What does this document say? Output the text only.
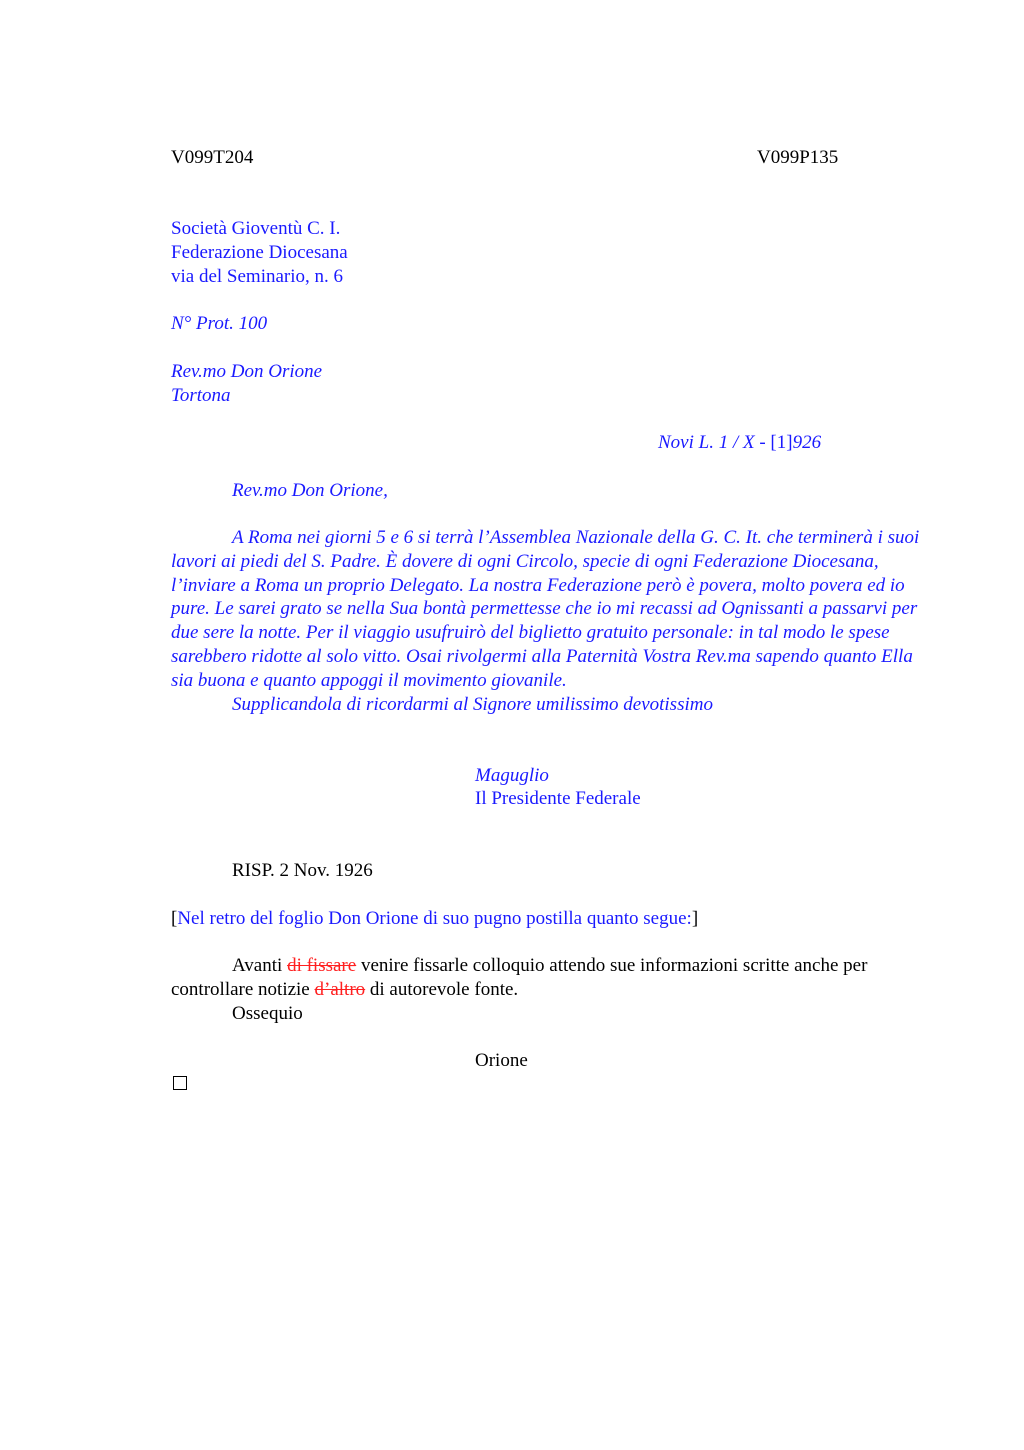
V099T204	V099P135
Società Gioventù C. I.
Federazione Diocesana
via del Seminario, n. 6
N° Prot. 100
Rev.mo Don Orione
Tortona
Novi L. 1 / X - [1]926
Rev.mo Don Orione,

A Roma nei giorni 5 e 6 si terrà l’Assemblea Nazionale della G. C. It. che terminerà i suoi lavori ai piedi del S. Padre. È dovere di ogni Circolo, specie di ogni Federazione Diocesana, l’inviare a Roma un proprio Delegato. La nostra Federazione però è povera, molto povera ed io pure. Le sarei grato se nella Sua bontà permettesse che io mi recassi ad Ognissanti a passarvi per due sere la notte. Per il viaggio usufruirò del biglietto gratuito personale: in tal modo le spese sarebbero ridotte al solo vitto. Osai rivolgermi alla Paternità Vostra Rev.ma sapendo quanto Ella sia buona e quanto appoggi il movimento giovanile.

Supplicandola di ricordarmi al Signore umilissimo devotissimo

Maguglio
Il Presidente Federale
RISP. 2 Nov. 1926
[Nel retro del foglio Don Orione di suo pugno postilla quanto segue:]

Avanti di fissare venire fissarle colloquio attendo sue informazioni scritte anche per controllare notizie d’altro di autorevole fonte.

Ossequio

Orione
